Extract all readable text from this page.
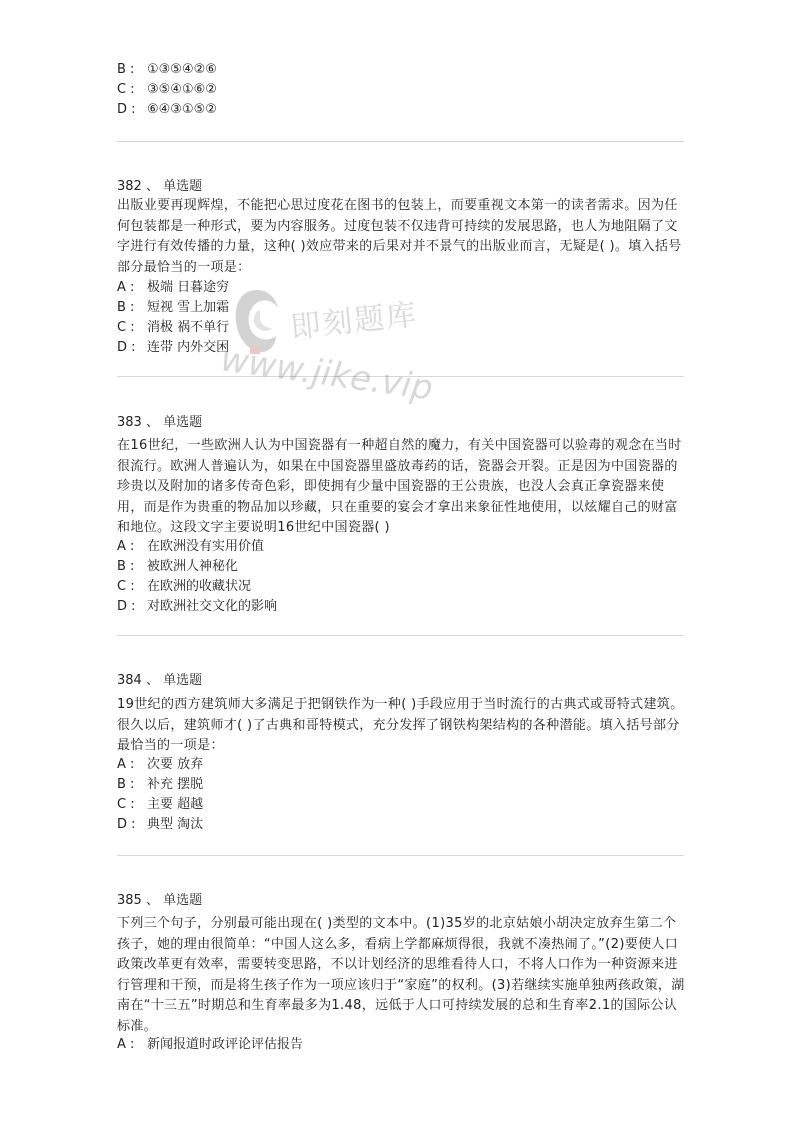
B : ①③⑤④②⑥
C : ③⑤④①⑥②
D : ⑥④③①⑤②
382 、 单选题
出版业要再现辉煌，不能把心思过度花在图书的包装上，而要重视文本第一的读者需求。因为任何包装都是一种形式，要为内容服务。过度包装不仅违背可持续的发展思路，也人为地阻隔了文字进行有效传播的力量，这种( )效应带来的后果对并不景气的出版业而言，无疑是( )。填入括号部分最恰当的一项是：
A : 极端 日暮途穷
B : 短视 雪上加霜
C : 消极 祸不单行
D : 连带 内外交困
383 、 单选题
在16世纪，一些欧洲人认为中国瓷器有一种超自然的魔力，有关中国瓷器可以验毒的观念在当时很流行。欧洲人普遍认为，如果在中国瓷器里盛放毒药的话，瓷器会开裂。正是因为中国瓷器的珍贵以及附加的诸多传奇色彩，即使拥有少量中国瓷器的王公贵族，也没人会真正拿瓷器来使用，而是作为贵重的物品加以珍藏，只在重要的宴会才拿出来象征性地使用，以炫耀自己的财富和地位。这段文字主要说明16世纪中国瓷器( )
A : 在欧洲没有实用价值
B : 被欧洲人神秘化
C : 在欧洲的收藏状况
D : 对欧洲社交文化的影响
384 、 单选题
19世纪的西方建筑师大多满足于把钢铁作为一种( )手段应用于当时流行的古典式或哥特式建筑。很久以后，建筑师才( )了古典和哥特模式，充分发挥了钢铁构架结构的各种潜能。填入括号部分最恰当的一项是：
A : 次要 放弃
B : 补充 摆脱
C : 主要 超越
D : 典型 淘汰
385 、 单选题
下列三个句子，分别最可能出现在( )类型的文本中。(1)35岁的北京姑娘小胡决定放弃生第二个孩子，她的理由很简单：“中国人这么多，看病上学都麻烦得很，我就不凑热闹了。”(2)要使人口政策改革更有效率，需要转变思路，不以计划经济的思维看待人口，不将人口作为一种资源来进行管理和干预，而是将生孩子作为一项应该归于“家庭”的权利。(3)若继续实施单独两孩政策，湖南在“十三五”时期总和生育率最多为1.48，远低于人口可持续发展的总和生育率2.1的国际公认标准。
A : 新闻报道时政评论评估报告
即刻题库
www.jike.vip
